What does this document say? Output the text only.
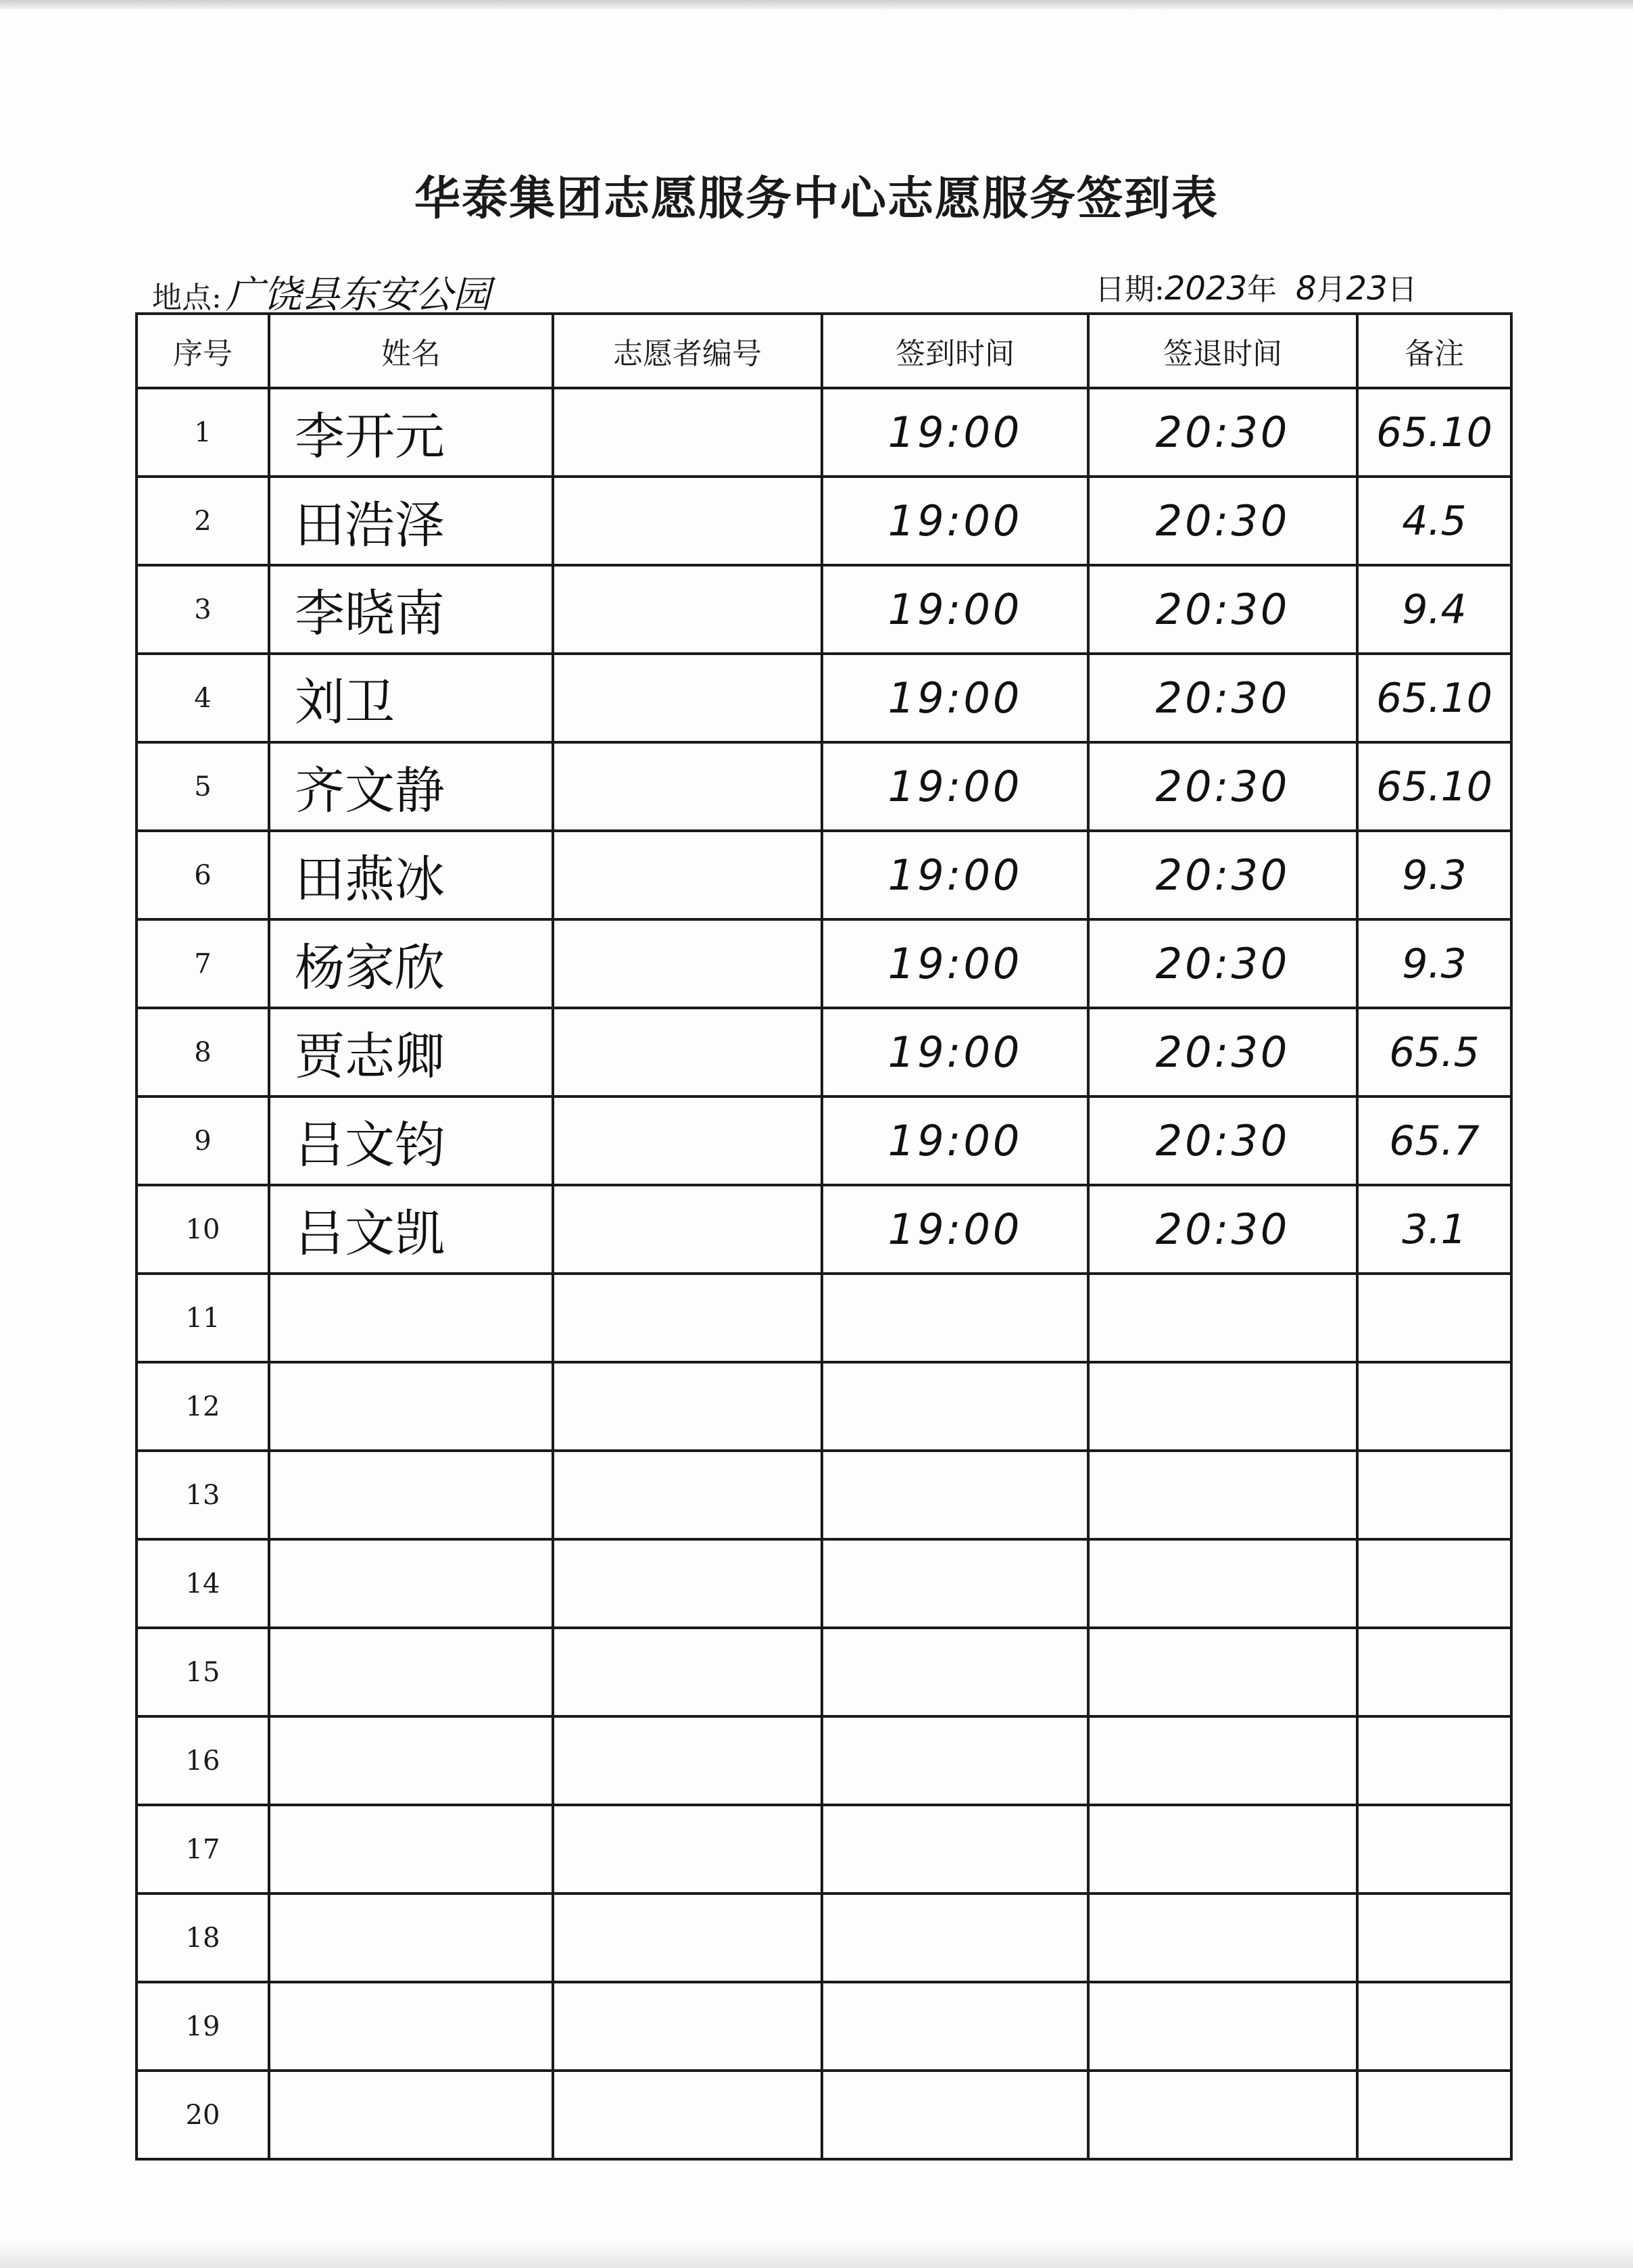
华泰集团志愿服务中心志愿服务签到表
地点: 广饶县东安公园	日期:2023年 8月23日
序号	姓名	志愿者编号	签到时间	签退时间	备注
1	李开元		19:00	20:30	65.10
2	田浩泽		19:00	20:30	4.5
3	李晓南		19:00	20:30	9.4
4	刘卫		19:00	20:30	65.10
5	齐文静		19:00	20:30	65.10
6	田燕冰		19:00	20:30	9.3
7	杨家欣		19:00	20:30	9.3
8	贾志卿		19:00	20:30	65.5
9	吕文钧		19:00	20:30	65.7
10	吕文凯		19:00	20:30	3.1
11					
12					
13					
14					
15					
16					
17					
18					
19					
20					
